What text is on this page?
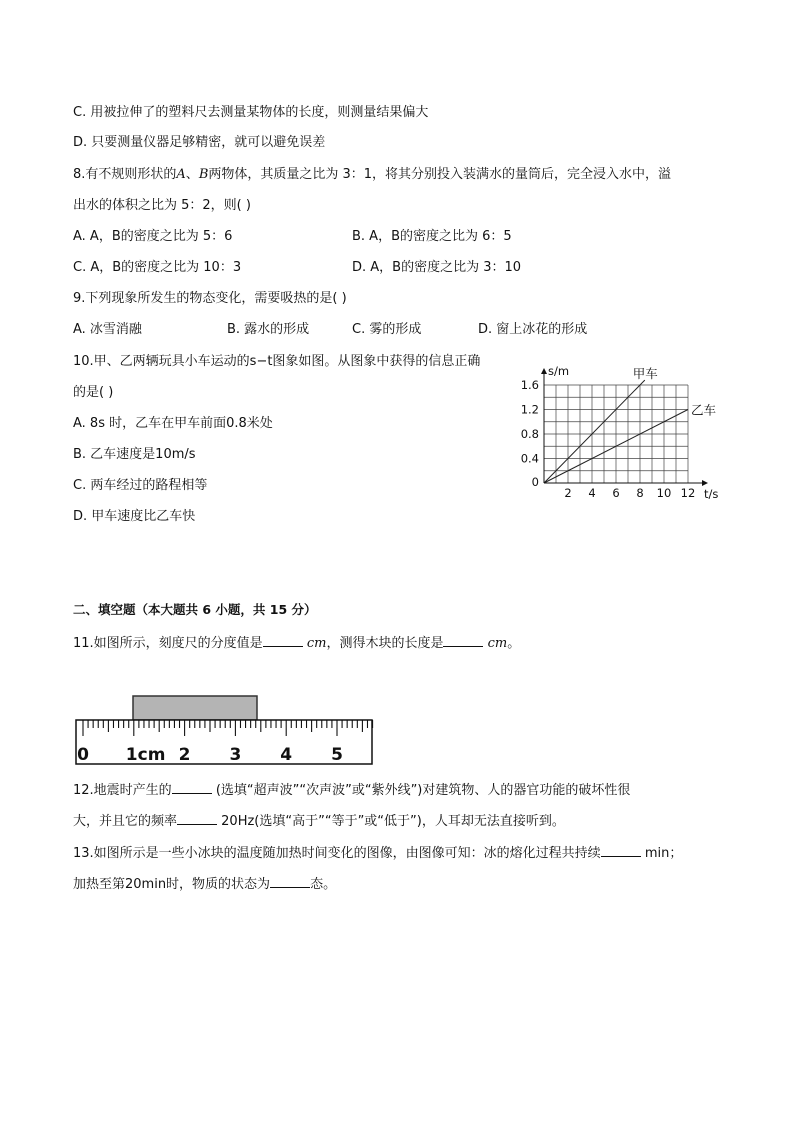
C. 用被拉伸了的塑料尺去测量某物体的长度，则测量结果偏大
D. 只要测量仪器足够精密，就可以避免误差
8.有不规则形状的A、B两物体，其质量之比为 3：1，将其分别投入装满水的量筒后，完全浸入水中，溢
出水的体积之比为 5：2，则( )
A. A，B的密度之比为 5：6	B. A，B的密度之比为 6：5
C. A，B的密度之比为 10：3	D. A，B的密度之比为 3：10
9.下列现象所发生的物态变化，需要吸热的是( )
A. 冰雪消融	B. 露水的形成	C. 雾的形成	D. 窗上冰花的形成
10.甲、乙两辆玩具小车运动的s−t图象如图。从图象中获得的信息正确
的是( )
A. 8s 时，乙车在甲车前面0.8米处
B. 乙车速度是10m/s
C. 两车经过的路程相等
D. 甲车速度比乙车快
2 4 6 8 10 12
0
0.4
0.8
1.2
1.6
s/m
t/s
甲车
乙车
二、填空题（本大题共 6 小题，共 15 分）
11.如图所示，刻度尺的分度值是	cm，测得木块的长度是	cm。
0 1cm 2 3 4 5
12.地震时产生的	(选填“超声波”“次声波”或“紫外线”)对建筑物、人的器官功能的破坏性很
大，并且它的频率	20Hz(选填“高于”“等于”或“低于”)，人耳却无法直接听到。
13.如图所示是一些小冰块的温度随加热时间变化的图像，由图像可知：冰的熔化过程共持续	min；
加热至第20min时，物质的状态为	态。
